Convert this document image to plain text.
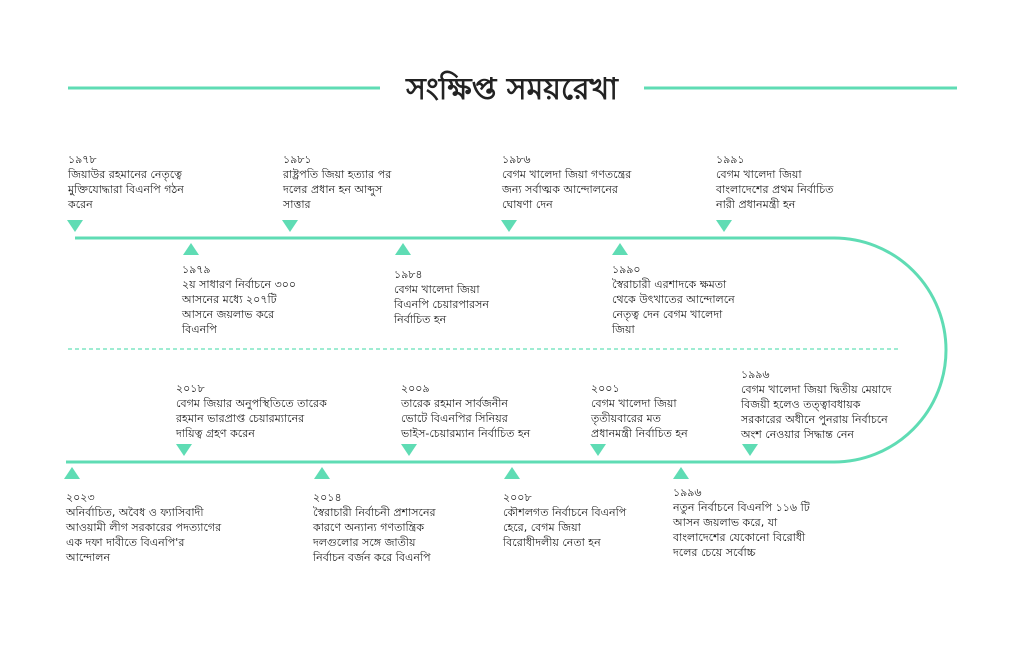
সংক্ষিপ্ত সময়রেখা
১৯৭৮
জিয়াউর রহমানের নেতৃত্বে
মুক্তিযোদ্ধারা বিএনপি গঠন
করেন
১৯৭৯
২য় সাধারণ নির্বাচনে ৩০০
আসনের মধ্যে ২০৭টি
আসনে জয়লাভ করে
বিএনপি
১৯৮১
রাষ্ট্রপতি জিয়া হত্যার পর
দলের প্রধান হন আব্দুস
সাত্তার
১৯৮৪
বেগম খালেদা জিয়া
বিএনপি চেয়ারপারসন
নির্বাচিত হন
১৯৮৬
বেগম খালেদা জিয়া গণতন্ত্রের
জন্য সর্বাত্মক আন্দোলনের
ঘোষণা দেন
১৯৯০
স্বৈরাচারী এরশাদকে ক্ষমতা
থেকে উৎখাতের আন্দোলনে
নেতৃত্ব দেন বেগম খালেদা
জিয়া
১৯৯১
বেগম খালেদা জিয়া
বাংলাদেশের প্রথম নির্বাচিত
নারী প্রধানমন্ত্রী হন
১৯৯৬
বেগম খালেদা জিয়া দ্বিতীয় মেয়াদে
বিজয়ী হলেও তত্ত্বাবধায়ক
সরকারের অধীনে পুনরায় নির্বাচনে
অংশ নেওয়ার সিদ্ধান্ত নেন
১৯৯৬
নতুন নির্বাচনে বিএনপি ১১৬ টি
আসন জয়লাভ করে, যা
বাংলাদেশের যেকোনো বিরোধী
দলের চেয়ে সর্বোচ্চ
২০০১
বেগম খালেদা জিয়া
তৃতীয়বারের মত
প্রধানমন্ত্রী নির্বাচিত হন
২০০৮
কৌশলগত নির্বাচনে বিএনপি
হেরে, বেগম জিয়া
বিরোধীদলীয় নেতা হন
২০০৯
তারেক রহমান সার্বজনীন
ভোটে বিএনপির সিনিয়র
ভাইস-চেয়ারম্যান নির্বাচিত হন
২০১৪
স্বৈরাচারী নির্বাচনী প্রশাসনের
কারণে অন্যান্য গণতান্ত্রিক
দলগুলোর সঙ্গে জাতীয়
নির্বাচন বর্জন করে বিএনপি
২০১৮
বেগম জিয়ার অনুপস্থিতিতে তারেক
রহমান ভারপ্রাপ্ত চেয়ারম্যানের
দায়িত্ব গ্রহণ করেন
২০২৩
অনির্বাচিত, অবৈধ ও ফ্যাসিবাদী
আওয়ামী লীগ সরকারের পদত্যাগের
এক দফা দাবীতে বিএনপি'র
আন্দোলন
